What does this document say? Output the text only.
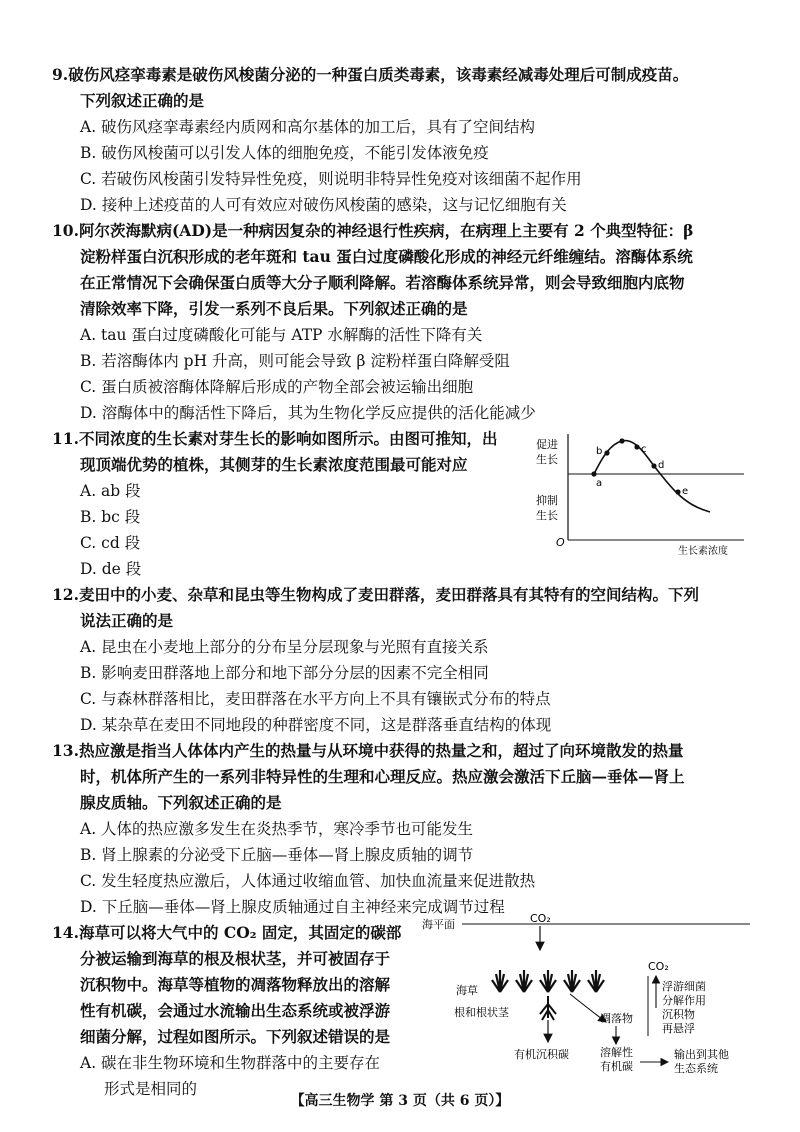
9.破伤风痉挛毒素是破伤风梭菌分泌的一种蛋白质类毒素，该毒素经减毒处理后可制成疫苗。

下列叙述正确的是

A. 破伤风痉挛毒素经内质网和高尔基体的加工后，具有了空间结构

B. 破伤风梭菌可以引发人体的细胞免疫，不能引发体液免疫

C. 若破伤风梭菌引发特异性免疫，则说明非特异性免疫对该细菌不起作用

D. 接种上述疫苗的人可有效应对破伤风梭菌的感染，这与记忆细胞有关

10.阿尔茨海默病(AD)是一种病因复杂的神经退行性疾病，在病理上主要有 2 个典型特征：β

淀粉样蛋白沉积形成的老年斑和 tau 蛋白过度磷酸化形成的神经元纤维缠结。溶酶体系统

在正常情况下会确保蛋白质等大分子顺利降解。若溶酶体系统异常，则会导致细胞内底物

清除效率下降，引发一系列不良后果。下列叙述正确的是

A. tau 蛋白过度磷酸化可能与 ATP 水解酶的活性下降有关

B. 若溶酶体内 pH 升高，则可能会导致 β 淀粉样蛋白降解受阻

C. 蛋白质被溶酶体降解后形成的产物全部会被运输出细胞

D. 溶酶体中的酶活性下降后，其为生物化学反应提供的活化能减少

11.不同浓度的生长素对芽生长的影响如图所示。由图可推知，出

现顶端优势的植株，其侧芽的生长素浓度范围最可能对应

A. ab 段

B. bc 段

C. cd 段

D. de 段

a
b	c
d
e
促进
生长
抑制
生长
O
生长素浓度

12.麦田中的小麦、杂草和昆虫等生物构成了麦田群落，麦田群落具有其特有的空间结构。下列

说法正确的是

A. 昆虫在小麦地上部分的分布呈分层现象与光照有直接关系

B. 影响麦田群落地上部分和地下部分分层的因素不完全相同

C. 与森林群落相比，麦田群落在水平方向上不具有镶嵌式分布的特点

D. 某杂草在麦田不同地段的种群密度不同，这是群落垂直结构的体现

13.热应激是指当人体体内产生的热量与从环境中获得的热量之和，超过了向环境散发的热量

时，机体所产生的一系列非特异性的生理和心理反应。热应激会激活下丘脑—垂体—肾上

腺皮质轴。下列叙述正确的是

A. 人体的热应激多发生在炎热季节，寒冷季节也可能发生

B. 肾上腺素的分泌受下丘脑—垂体—肾上腺皮质轴的调节

C. 发生轻度热应激后，人体通过收缩血管、加快血流量来促进散热

D. 下丘脑—垂体—肾上腺皮质轴通过自主神经来完成调节过程

14.海草可以将大气中的 CO₂ 固定，其固定的碳部

分被运输到海草的根及根状茎，并可被固存于

沉积物中。海草等植物的凋落物释放出的溶解

性有机碳，会通过水流输出生态系统或被浮游

细菌分解，过程如图所示。下列叙述错误的是

A. 碳在非生物环境和生物群落中的主要存在

形式是相同的

海平面	CO₂
海草
根和根状茎
有机沉积碳
凋落物
溶解性
有机碳
CO₂
浮游细菌
分解作用
沉积物
再悬浮
输出到其他
生态系统
【高三生物学 第 3 页（共 6 页）】
